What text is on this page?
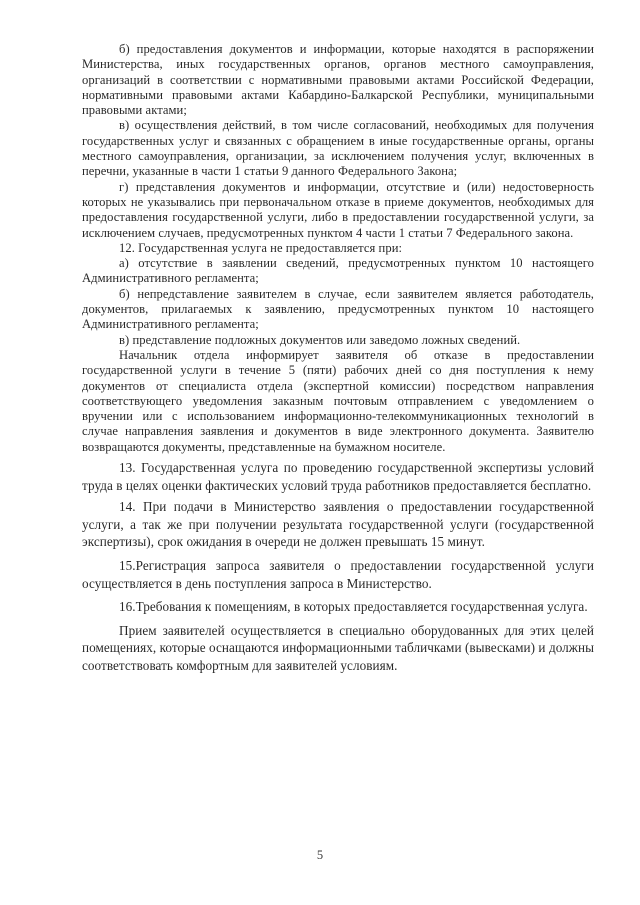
б) предоставления документов и информации, которые находятся в распоряжении Министерства, иных государственных органов, органов местного самоуправления, организаций в соответствии с нормативными правовыми актами Российской Федерации, нормативными правовыми актами Кабардино-Балкарской Республики, муниципальными правовыми актами;

в) осуществления действий, в том числе согласований, необходимых для получения государственных услуг и связанных с обращением в иные государственные органы, органы местного самоуправления, организации, за исключением получения услуг, включенных в перечни, указанные в части 1 статьи 9 данного Федерального Закона;

г) представления документов и информации, отсутствие и (или) недостоверность которых не указывались при первоначальном отказе в приеме документов, необходимых для предоставления государственной услуги, либо в предоставлении государственной услуги, за исключением случаев, предусмотренных пунктом 4 части 1 статьи 7 Федерального закона.

12. Государственная услуга не предоставляется при:

а) отсутствие в заявлении сведений, предусмотренных пунктом 10 настоящего Административного регламента;

б) непредставление заявителем в случае, если заявителем является работодатель, документов, прилагаемых к заявлению, предусмотренных пунктом 10 настоящего Административного регламента;

в) представление подложных документов или заведомо ложных сведений.

Начальник отдела информирует заявителя об отказе в предоставлении государственной услуги в течение 5 (пяти) рабочих дней со дня поступления к нему документов от специалиста отдела (экспертной комиссии) посредством направления соответствующего уведомления заказным почтовым отправлением с уведомлением о вручении или с использованием информационно-телекоммуникационных технологий в случае направления заявления и документов в виде электронного документа. Заявителю возвращаются документы, представленные на бумажном носителе.

13. Государственная услуга по проведению государственной экспертизы условий труда в целях оценки фактических условий труда работников предоставляется бесплатно.

14. При подачи в Министерство заявления о предоставлении государственной услуги, а так же при получении результата государственной услуги (государственной экспертизы), срок ожидания в очереди не должен превышать 15 минут.

15.Регистрация запроса заявителя о предоставлении государственной услуги осуществляется в день поступления запроса в Министерство.

16.Требования к помещениям, в которых предоставляется государственная услуга.

Прием заявителей осуществляется в специально оборудованных для этих целей помещениях, которые оснащаются информационными табличками (вывесками) и должны соответствовать комфортным для заявителей условиям.

5
